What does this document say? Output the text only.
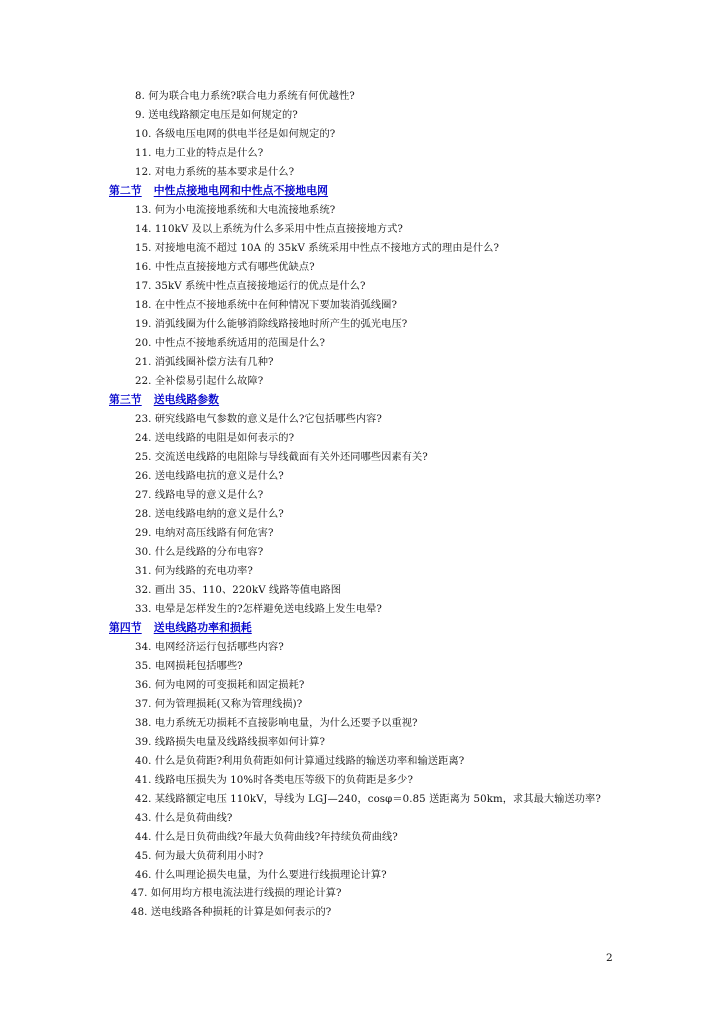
8. 何为联合电力系统?联合电力系统有何优越性?
9. 送电线路额定电压是如何规定的?
10. 各级电压电网的供电半径是如何规定的?
11. 电力工业的特点是什么?
12. 对电力系统的基本要求是什么?
第二节 中性点接地电网和中性点不接地电网
13. 何为小电流接地系统和大电流接地系统?
14. 110kV 及以上系统为什么多采用中性点直接接地方式?
15. 对接地电流不超过 10A 的 35kV 系统采用中性点不接地方式的理由是什么?
16. 中性点直接接地方式有哪些优缺点?
17. 35kV 系统中性点直接接地运行的优点是什么?
18. 在中性点不接地系统中在何种情况下要加装消弧线圈?
19. 消弧线圈为什么能够消除线路接地时所产生的弧光电压?
20. 中性点不接地系统适用的范围是什么?
21. 消弧线圈补偿方法有几种?
22. 全补偿易引起什么故障?
第三节 送电线路参数
23. 研究线路电气参数的意义是什么?它包括哪些内容?
24. 送电线路的电阻是如何表示的?
25. 交流送电线路的电阻除与导线截面有关外还同哪些因素有关?
26. 送电线路电抗的意义是什么?
27. 线路电导的意义是什么?
28. 送电线路电纳的意义是什么?
29. 电纳对高压线路有何危害?
30. 什么是线路的分布电容?
31. 何为线路的充电功率?
32. 画出 35、110、220kV 线路等值电路图
33. 电晕是怎样发生的?怎样避免送电线路上发生电晕?
第四节 送电线路功率和损耗
34. 电网经济运行包括哪些内容?
35. 电网损耗包括哪些?
36. 何为电网的可变损耗和固定损耗?
37. 何为管理损耗(又称为管理线损)?
38. 电力系统无功损耗不直接影响电量，为什么还要予以重视?
39. 线路损失电量及线路线损率如何计算?
40. 什么是负荷距?利用负荷距如何计算通过线路的输送功率和输送距离?
41. 线路电压损失为 10%时各类电压等级下的负荷距是多少?
42. 某线路额定电压 110kV，导线为 LGJ—240，cosφ＝0.85 送距离为 50km，求其最大输送功率?
43. 什么是负荷曲线?
44. 什么是日负荷曲线?年最大负荷曲线?年持续负荷曲线?
45. 何为最大负荷利用小时?
46. 什么叫理论损失电量，为什么要进行线损理论计算?
47. 如何用均方根电流法进行线损的理论计算?
48. 送电线路各种损耗的计算是如何表示的?
2
